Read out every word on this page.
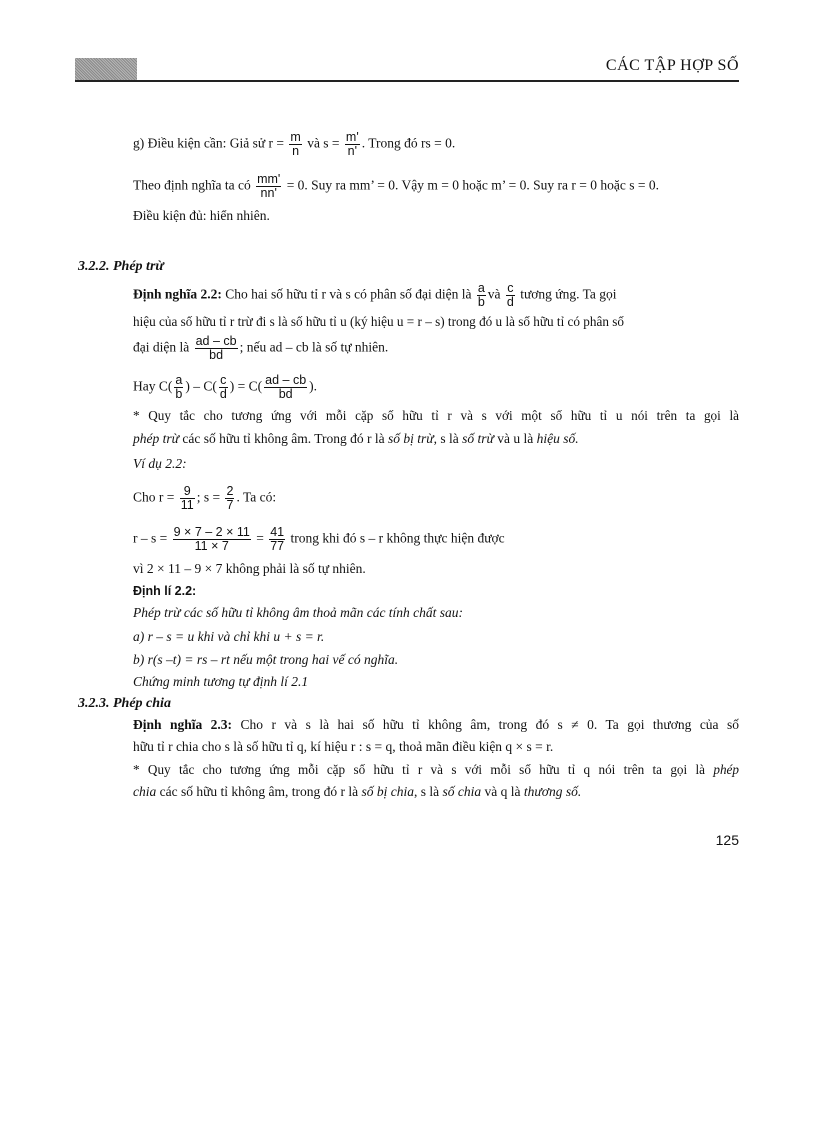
CÁC TẬP HỢP SỐ
g) Điều kiện cần: Giả sử $r = \frac{m}{n}$ và $s = \frac{m'}{n'}$ . Trong đó rs = 0.
Theo định nghĩa ta có $\frac{mm'}{nn'} = 0$. Suy ra mm’ = 0. Vậy m = 0 hoặc m’ = 0. Suy ra r = 0 hoặc s = 0.
Điều kiện đủ: hiển nhiên.
3.2.2. Phép trừ
Định nghĩa 2.2: Cho hai số hữu tỉ r và s có phân số đại diện là $\frac{a}{b}$ và $\frac{c}{d}$ tương ứng. Ta gọi
hiệu của số hữu tỉ r trừ đi s là số hữu tỉ u (ký hiệu u = r – s) trong đó u là số hữu tỉ có phân số
đại diện là $\frac{ad - cb}{bd}$ ; nếu ad – cb là số tự nhiên.
Hay $C( \frac{a}{b}$ ) – $C( \frac{c}{d}$ ) = $C( \frac{ad - cb}{bd}$ ).
* Quy tắc cho tương ứng với mỗi cặp số hữu tỉ r và s với một số hữu tỉ u nói trên ta gọi là
phép trừ các số hữu tỉ không âm. Trong đó r là số bị trừ, s là số trừ và u là hiệu số.
Ví dụ 2.2:
Cho $r = \frac{9}{11}$ ; $s = \frac{2}{7}$ . Ta có:
$r - s = \frac{9 \times 7 - 2 \times 11}{11 \times 7} = \frac{41}{77}$ trong khi đó s – r không thực hiện được
vì 2 × 11 – 9 × 7 không phải là số tự nhiên.
Định lí 2.2:
Phép trừ các số hữu tỉ không âm thoả mãn các tính chất sau:
a) r – s = u khi và chỉ khi u + s = r.
b) r(s –t) = rs – rt nếu một trong hai vế có nghĩa.
Chứng minh tương tự định lí 2.1
3.2.3. Phép chia
Định nghĩa 2.3: Cho r và s là hai số hữu tỉ không âm, trong đó s ≠ 0. Ta gọi thương của số
hữu tỉ r chia cho s là số hữu tỉ q, kí hiệu r : s = q, thoả mãn điều kiện q × s = r.
* Quy tắc cho tương ứng mỗi cặp số hữu tỉ r và s với mỗi số hữu tỉ q nói trên ta gọi là phép
chia các số hữu tỉ không âm, trong đó r là số bị chia, s là số chia và q là thương số.
125
